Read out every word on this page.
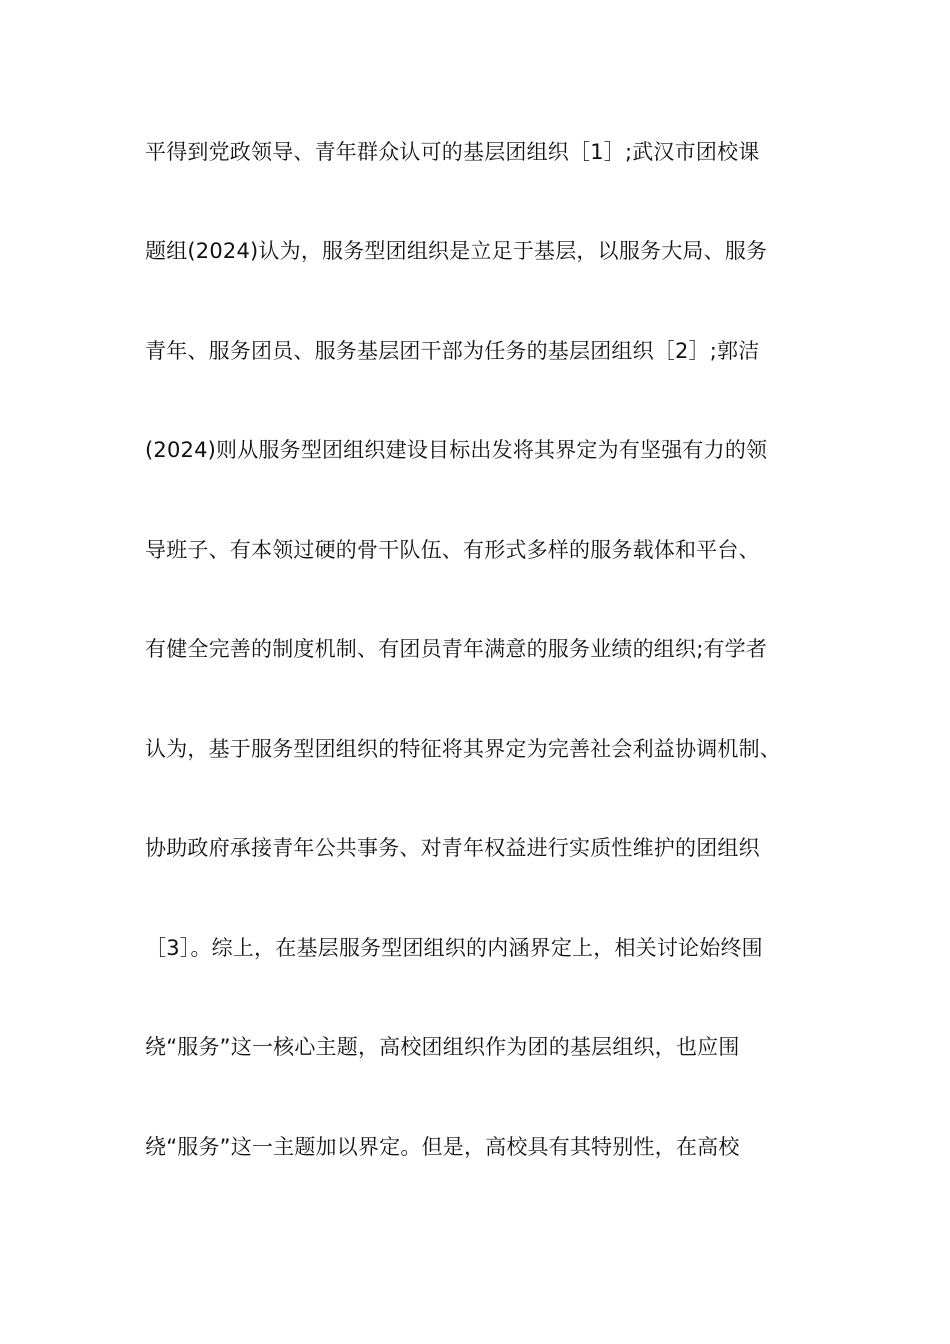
平得到党政领导、青年群众认可的基层团组织［1］;武汉市团校课
题组(2024)认为，服务型团组织是立足于基层，以服务大局、服务
青年、服务团员、服务基层团干部为任务的基层团组织［2］;郭洁
(2024)则从服务型团组织建设目标出发将其界定为有坚强有力的领
导班子、有本领过硬的骨干队伍、有形式多样的服务载体和平台、
有健全完善的制度机制、有团员青年满意的服务业绩的组织;有学者
认为，基于服务型团组织的特征将其界定为完善社会利益协调机制、
协助政府承接青年公共事务、对青年权益进行实质性维护的团组织
［3］。综上，在基层服务型团组织的内涵界定上，相关讨论始终围
绕“服务”这一核心主题，高校团组织作为团的基层组织，也应围
绕“服务”这一主题加以界定。但是，高校具有其特别性，在高校
